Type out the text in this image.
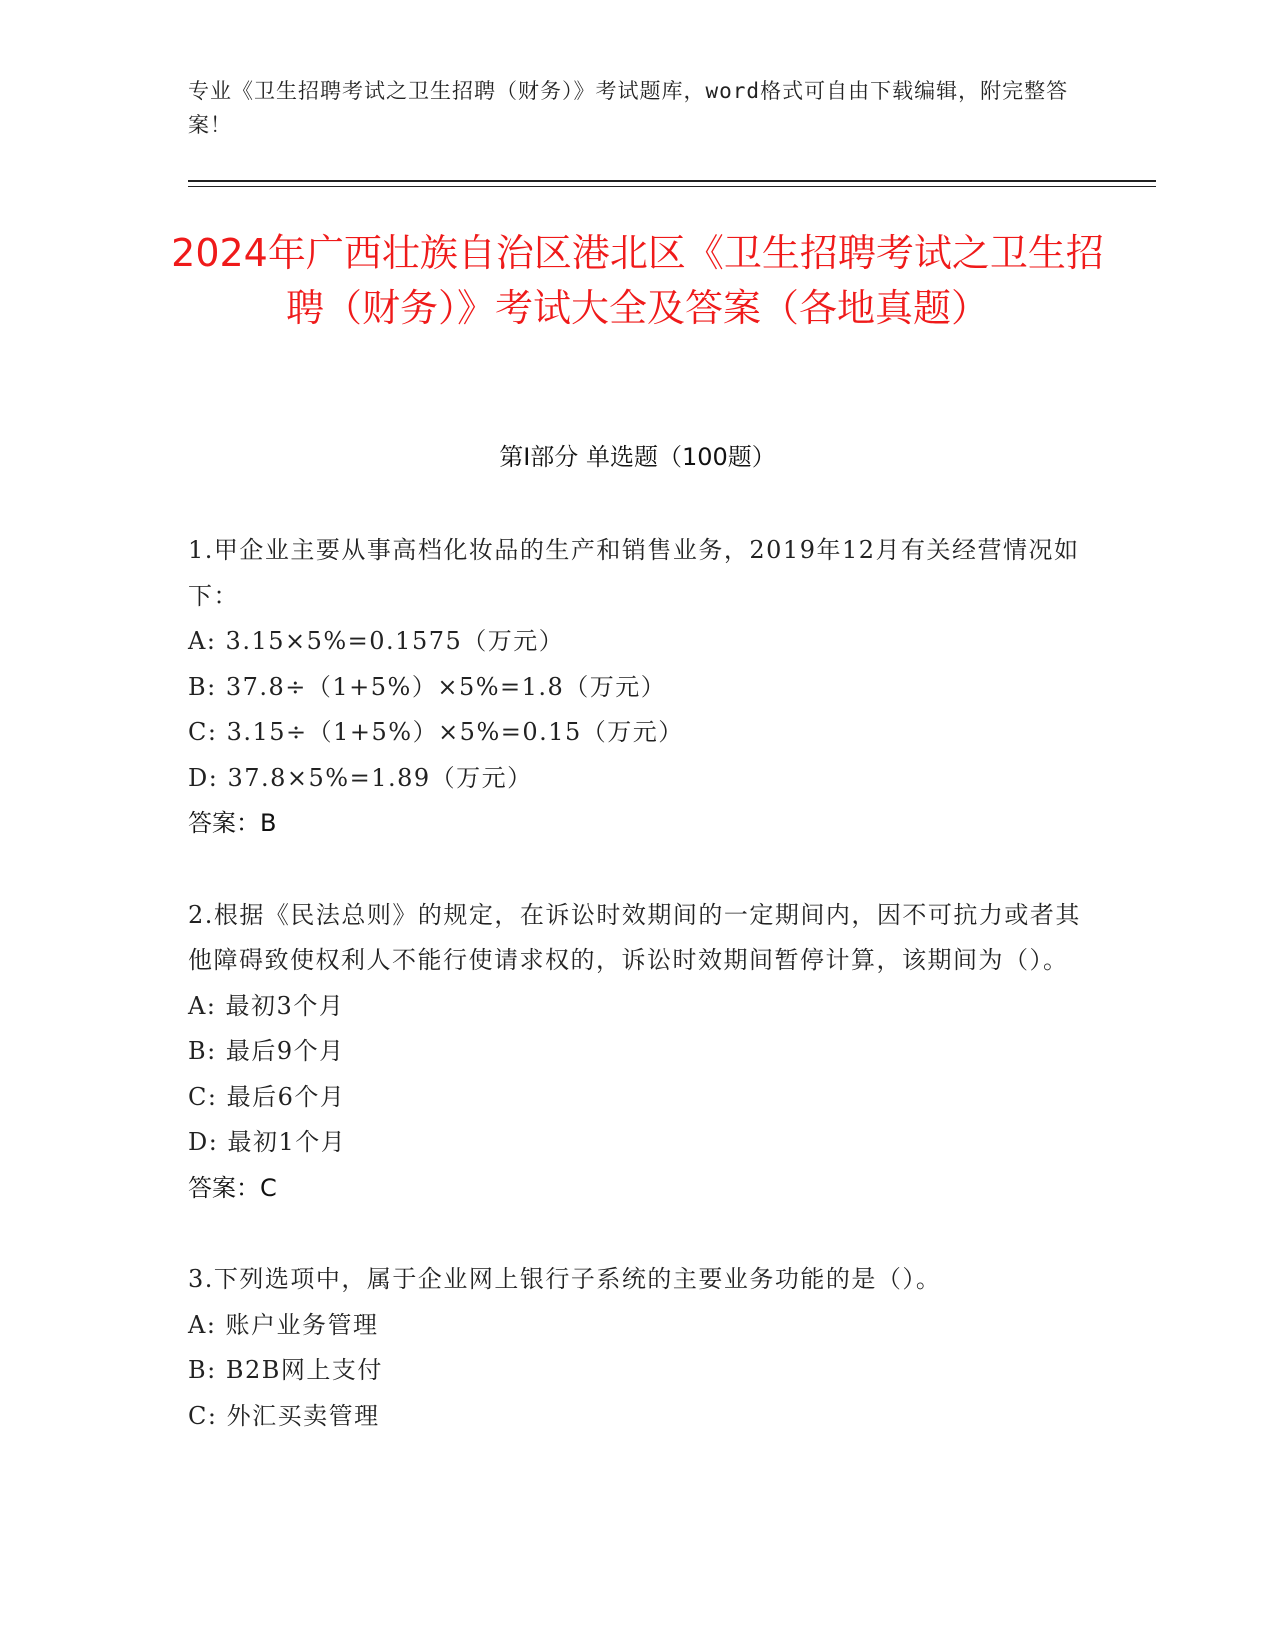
专业《卫生招聘考试之卫生招聘（财务）》考试题库，word格式可自由下载编辑，附完整答案！
2024年广西壮族自治区港北区《卫生招聘考试之卫生招聘（财务）》考试大全及答案（各地真题）
第Ⅰ部分 单选题（100题）
1.甲企业主要从事高档化妆品的生产和销售业务，2019年12月有关经营情况如下：
A: 3.15×5%=0.1575（万元）
B: 37.8÷（1+5%）×5%=1.8（万元）
C: 3.15÷（1+5%）×5%=0.15（万元）
D: 37.8×5%=1.89（万元）
答案：B
2.根据《民法总则》的规定，在诉讼时效期间的一定期间内，因不可抗力或者其他障碍致使权利人不能行使请求权的，诉讼时效期间暂停计算，该期间为（）。
A: 最初3个月
B: 最后9个月
C: 最后6个月
D: 最初1个月
答案：C
3.下列选项中，属于企业网上银行子系统的主要业务功能的是（）。
A: 账户业务管理
B: B2B网上支付
C: 外汇买卖管理
